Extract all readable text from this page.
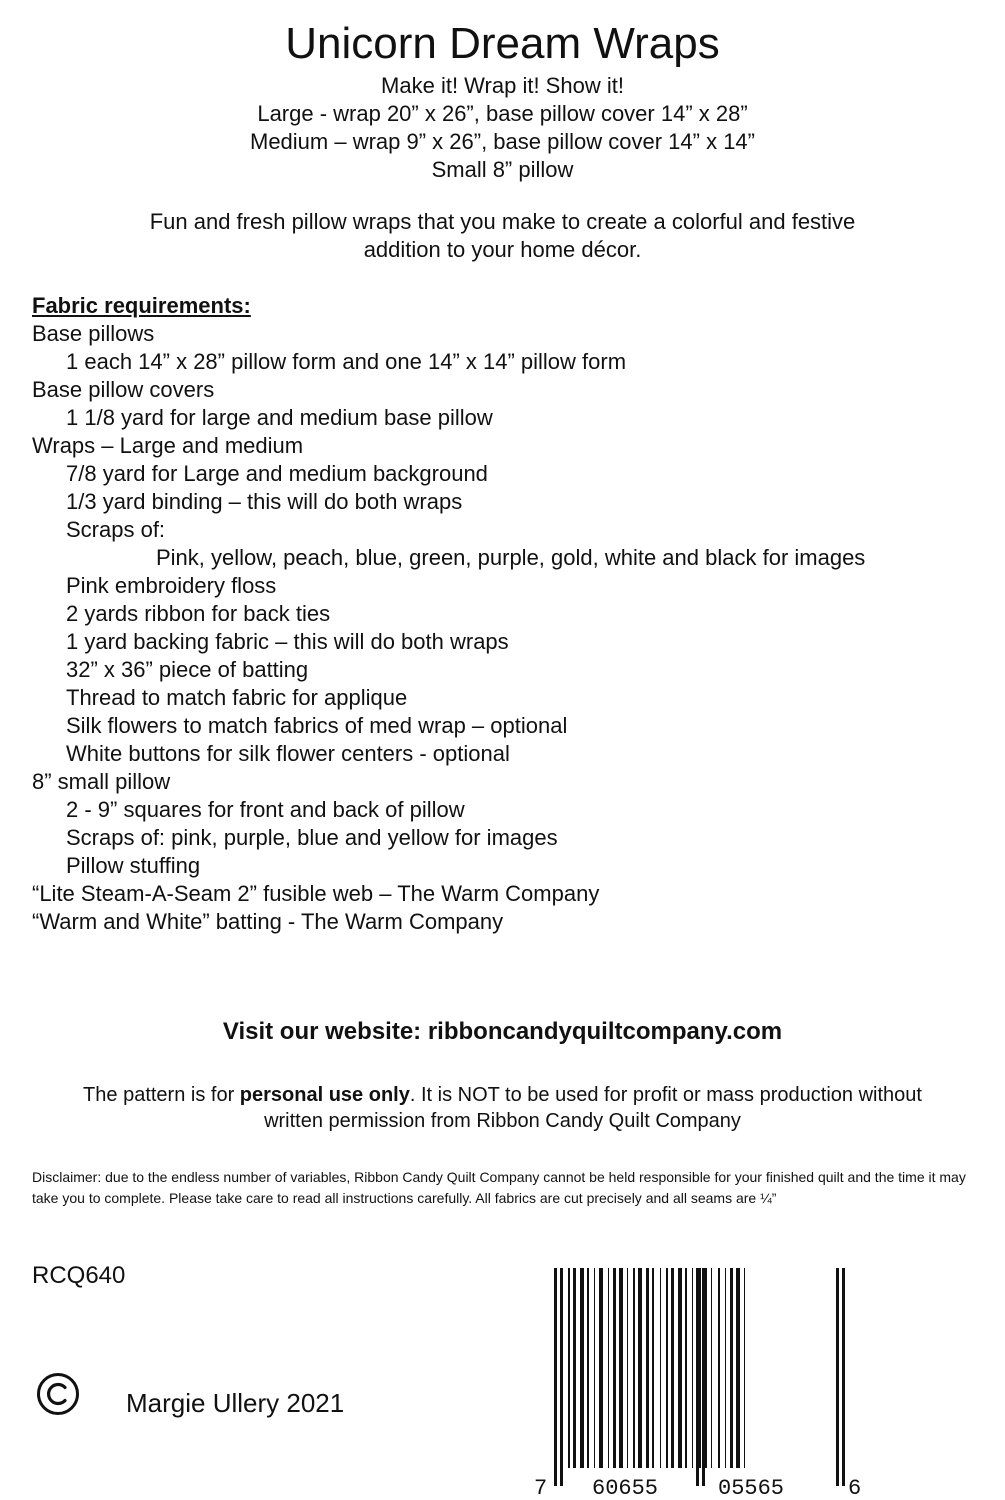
Unicorn Dream Wraps
Make it! Wrap it! Show it!
Large - wrap 20” x 26”, base pillow cover 14” x 28”
Medium – wrap 9” x 26”, base pillow cover 14” x 14”
Small 8” pillow
Fun and fresh pillow wraps that you make to create a colorful and festive
addition to your home décor.
Fabric requirements:
Base pillows
1 each 14” x 28” pillow form and one 14” x 14” pillow form
Base pillow covers
1 1/8 yard for large and medium base pillow
Wraps – Large and medium
7/8 yard for Large and medium background
1/3 yard binding – this will do both wraps
Scraps of:
Pink, yellow, peach, blue, green, purple, gold, white and black for images
Pink embroidery floss
2 yards ribbon for back ties
1 yard backing fabric – this will do both wraps
32” x 36” piece of batting
Thread to match fabric for applique
Silk flowers to match fabrics of med wrap – optional
White buttons for silk flower centers - optional
8” small pillow
2 - 9” squares for front and back of pillow
Scraps of: pink, purple, blue and yellow for images
Pillow stuffing
“Lite Steam-A-Seam 2” fusible web – The Warm Company
“Warm and White” batting - The Warm Company
Visit our website: ribboncandyquiltcompany.com
The pattern is for personal use only. It is NOT to be used for profit or mass production without
written permission from Ribbon Candy Quilt Company
Disclaimer: due to the endless number of variables, Ribbon Candy Quilt Company cannot be held responsible for your finished quilt and the time it may take you to complete. Please take care to read all instructions carefully. All fabrics are cut precisely and all seams are ¼”
RCQ640
Margie Ullery 2021
7 60655	05565	6
